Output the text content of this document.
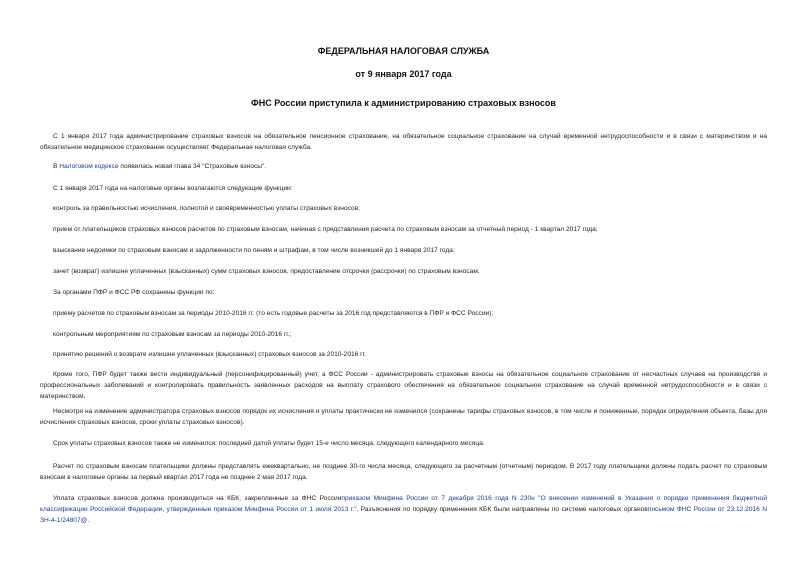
ФЕДЕРАЛЬНАЯ НАЛОГОВАЯ СЛУЖБА
от 9 января 2017 года
ФНС России приступила к администрированию страховых взносов

С 1 января 2017 года администрирование страховых взносов на обязательное пенсионное страхование, на обязательное социальное страхование на случай временной нетрудоспособности и в связи с материнством и на обязательное медицинское страхование осуществляет Федеральная налоговая служба.

В Налоговом кодексе появилась новая глава 34 "Страховые взносы".

С 1 января 2017 года на налоговые органы возлагаются следующие функции:

контроль за правильностью исчисления, полнотой и своевременностью уплаты страховых взносов;

прием от плательщиков страховых взносов расчетов по страховым взносам, начиная с представления расчета по страховым взносам за отчетный период - 1 квартал 2017 года;

взыскание недоимки по страховым взносам и задолженности по пеням и штрафам, в том числе возникшей до 1 января 2017 года;

зачет (возврат) излишне уплаченных (взысканных) сумм страховых взносов, предоставление отсрочки (рассрочки) по страховым взносам.

За органами ПФР и ФСС РФ сохранены функции по:

приему расчетов по страховым взносам за периоды 2010-2016 гг. (то есть годовые расчеты за 2016 год представляются в ПФР и ФСС России);

контрольным мероприятиям по страховым взносам за периоды 2010-2016 гг.;

принятию решений о возврате излишне уплаченных (взысканных) страховых взносов за 2010-2016 гг.

Кроме того, ПФР будет также вести индивидуальный (персонифицированный) учет, а ФСС России - администрировать страховые взносы на обязательное социальное страхование от несчастных случаев на производстве и профессиональных заболеваний и контролировать правильность заявленных расходов на выплату страхового обеспечения на обязательное социальное страхование на случай временной нетрудоспособности и в связи с материнством.

Несмотря на изменение администратора страховых взносов порядок их исчисления и уплаты практически не изменился (сохранены тарифы страховых взносов, в том числе и пониженные, порядок определения объекта, базы для исчисления страховых взносов, сроки уплаты страховых взносов).

Срок уплаты страховых взносов также не изменился: последней датой уплаты будет 15-е число месяца, следующего календарного месяца.

Расчет по страховым взносам плательщики должны представлять ежеквартально, не позднее 30-го числа месяца, следующего за расчетным (отчетным) периодом. В 2017 году плательщики должны подать расчет по страховым взносам в налоговые органы за первый квартал 2017 года не позднее 2 мая 2017 года.

Уплата страховых взносов должна производиться на КБК, закрепленные за ФНС Россииприказом Минфина России от 7 декабря 2016 года N 230н "О внесении изменений в Указания о порядке применения бюджетной классификации Российской Федерации, утвержденные приказом Минфина России от 1 июля 2013 г.". Разъяснения по порядку применения КБК были направлены по системе налоговых органовписьмом ФНС России от 23.12.2016 N ЗН-4-1/24807@.
